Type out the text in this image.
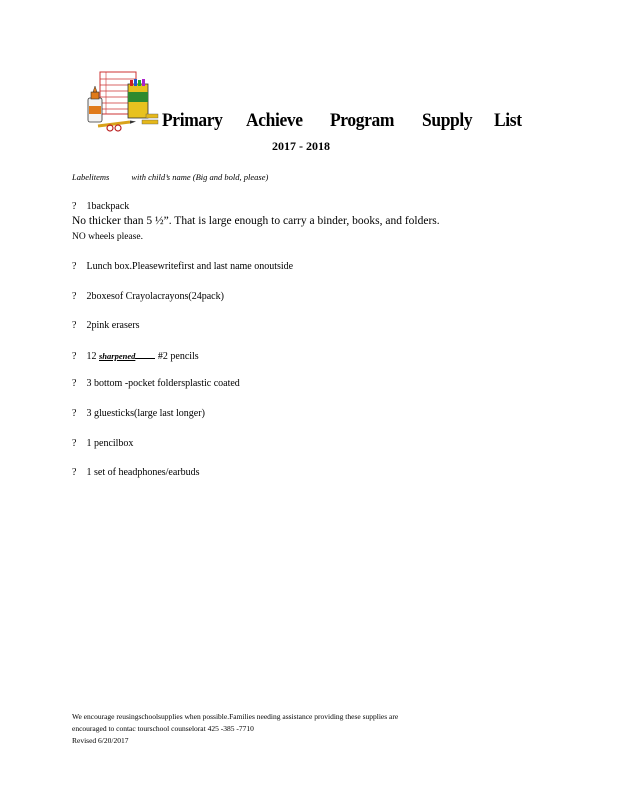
Primary Achieve Program Supply List
2017 - 2018
Labelitems	with child’s name (Big and bold, please)
? 1backpack
No thicker than 5 ½”. That is large enough to carry a binder, books, and folders.
NO wheels please.
? Lunch box.Pleasewritefirst and last name onoutside
? 2boxesof Crayolacrayons(24pack)
? 2pink erasers
? 12 sharpened #2 pencils
? 3 bottom -pocket foldersplastic coated
? 3 gluesticks(large last longer)
? 1 pencilbox
? 1 set of headphones/earbuds
We encourage reusingschoolsupplies when possible.Families needing assistance providing these supplies are
encouraged to contac tourschool counselorat 425 -385 -7710
Revised 6/20/2017
